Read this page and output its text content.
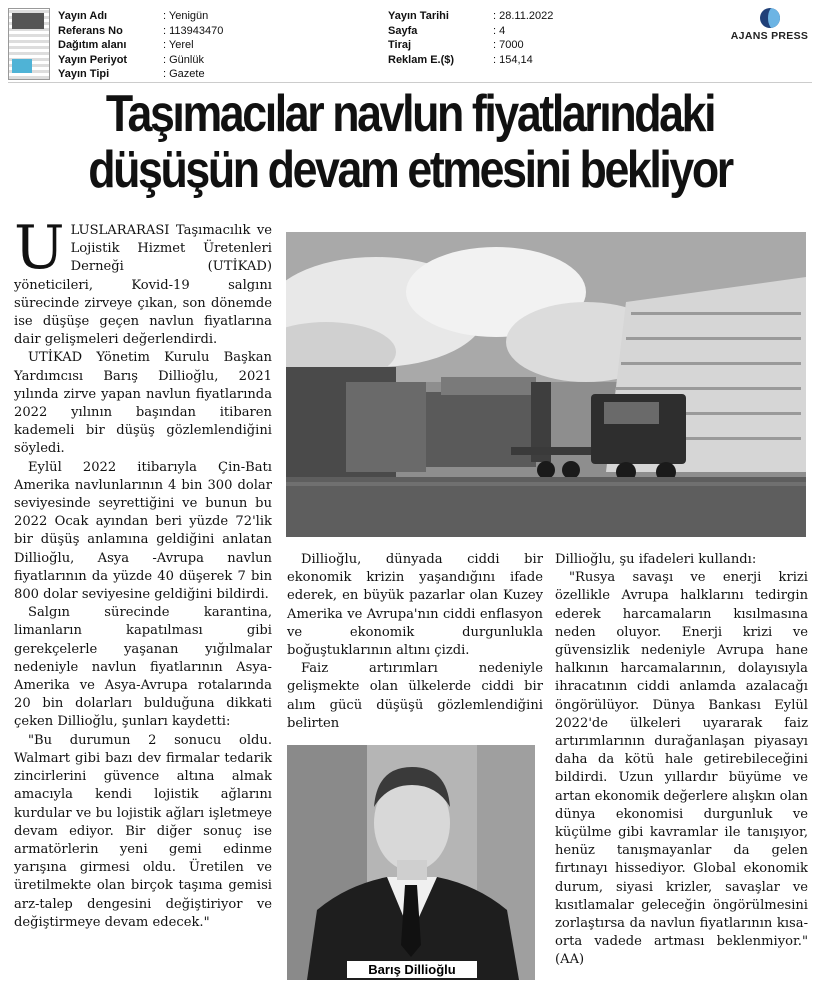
Yayın Adı
Referans No
Dağıtım alanı
Yayın Periyot
Yayın Tipi
: Yenigün
: 113943470
: Yerel
: Günlük
: Gazete
Yayın Tarihi
Sayfa
Tiraj
Reklam E.($)
: 28.11.2022
: 4
: 7000
: 154,14
AJANS PRESS
Taşımacılar navlun fiyatlarındaki
düşüşün devam etmesini bekliyor
U LUSLARARASI Taşımacılık ve Lojistik Hizmet Üretenleri Derneği (UTİKAD) yöneticileri, Kovid-19 salgını sürecinde zirveye çıkan, son dönemde ise düşüşe geçen navlun fiyatlarına dair gelişmeleri değerlendirdi.

UTİKAD Yönetim Kurulu Başkan Yardımcısı Barış Dillioğlu, 2021 yılında zirve yapan navlun fiyatlarında 2022 yılının başından itibaren kademeli bir düşüş gözlemlendiğini söyledi.

Eylül 2022 itibarıyla Çin-Batı Amerika navlunlarının 4 bin 300 dolar seviyesinde seyrettiğini ve bunun bu 2022 Ocak ayından beri yüzde 72'lik bir düşüş anlamına geldiğini anlatan Dillioğlu, Asya -Avrupa navlun fiyatlarının da yüzde 40 düşerek 7 bin 800 dolar seviyesine geldiğini bildirdi.

Salgın sürecinde karantina, limanların kapatılması gibi gerekçelerle yaşanan yığılmalar nedeniyle navlun fiyatlarının Asya-Amerika ve Asya-Avrupa rotalarında 20 bin dolarları bulduğuna dikkati çeken Dillioğlu, şunları kaydetti:

"Bu durumun 2 sonucu oldu. Walmart gibi bazı dev firmalar tedarik zincirlerini güvence altına almak amacıyla kendi lojistik ağlarını kurdular ve bu lojistik ağları işletmeye devam ediyor. Bir diğer sonuç ise armatörlerin yeni gemi edinme yarışına girmesi oldu. Üretilen ve üretilmekte olan birçok taşıma gemisi arz-talep dengesini değiştiriyor ve değiştirmeye devam edecek."

Dillioğlu, dünyada ciddi bir ekonomik krizin yaşandığını ifade ederek, en büyük pazarlar olan Kuzey Amerika ve Avrupa'nın ciddi enflasyon ve ekonomik durgunlukla boğuştuklarının altını çizdi.

Faiz artırımları nedeniyle gelişmekte olan ülkelerde ciddi bir alım gücü düşüşü gözlemlendiğini belirten

Barış Dillioğlu

Dillioğlu, şu ifadeleri kullandı:

"Rusya savaşı ve enerji krizi özellikle Avrupa halklarını tedirgin ederek harcamaların kısılmasına neden oluyor. Enerji krizi ve güvensizlik nedeniyle Avrupa hane halkının harcamalarının, dolayısıyla ihracatının ciddi anlamda azalacağı öngörülüyor. Dünya Bankası Eylül 2022'de ülkeleri uyararak faiz artırımlarının durağanlaşan piyasayı daha da kötü hale getirebileceğini bildirdi. Uzun yıllardır büyüme ve artan ekonomik değerlere alışkın olan dünya ekonomisi durgunluk ve küçülme gibi kavramlar ile tanışıyor, henüz tanışmayanlar da gelen fırtınayı hissediyor. Global ekonomik durum, siyasi krizler, savaşlar ve kısıtlamalar geleceğin öngörülmesini zorlaştırsa da navlun fiyatlarının kısa-orta vadede artması beklenmiyor." (AA)
